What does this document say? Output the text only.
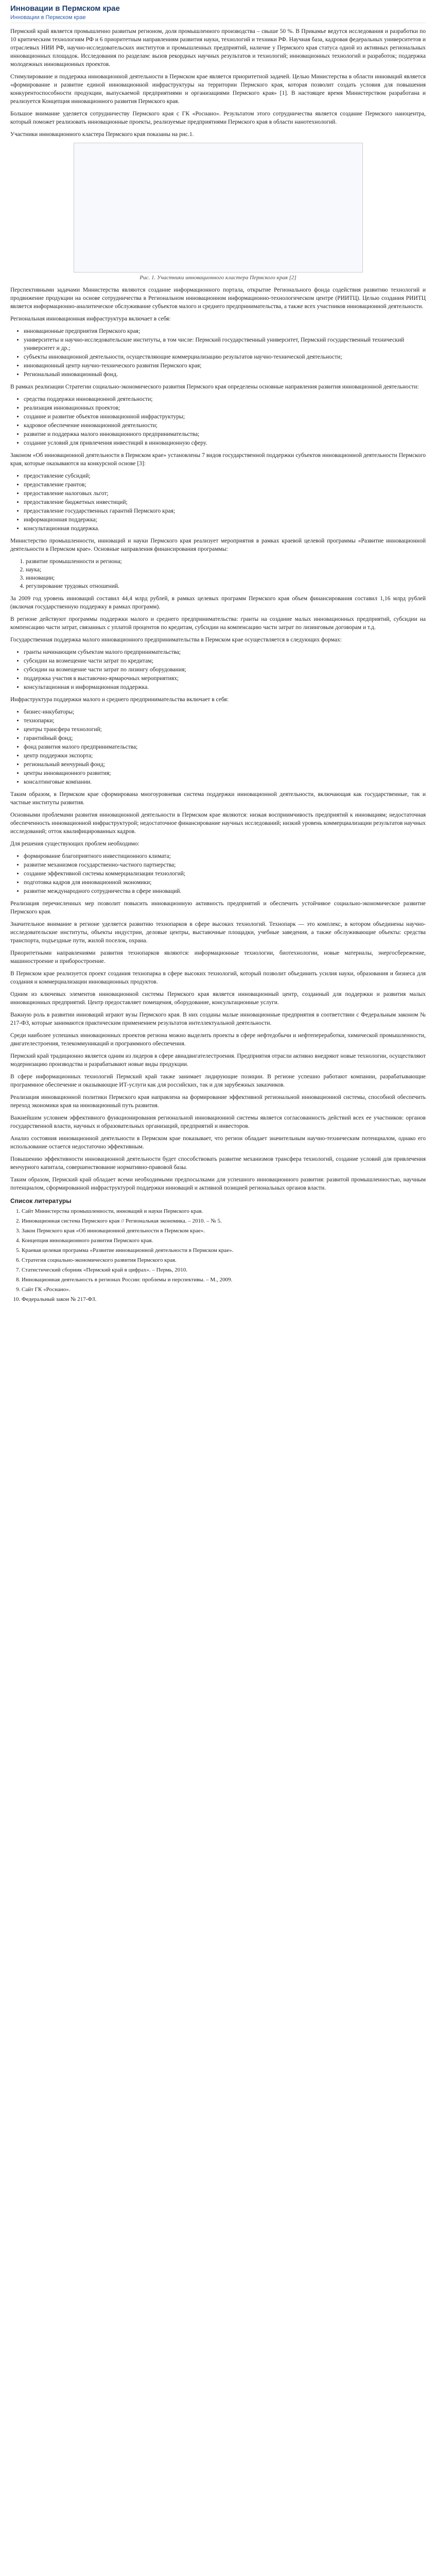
Инновации в Пермском крае
Инновации в Пермском крае

Пермский край является промышленно развитым регионом, доля промышленного производства – свыше 50 %. В Прикамье ведутся исследования и разработки по 10 критическим технологиям РФ и 6 приоритетным направлениям развития науки, технологий и техники РФ. Научная база, кадровая федеральных университетов и отраслевых НИИ РФ, научно-исследовательских институтов и промышленных предприятий, наличие у Пермского края статуса одной из активных региональных инновационных площадок. Исследования по разделам: вызов рекордных научных результатов и технологий; инновационных технологий и разработок; поддержка молодежных инновационных проектов.

Стимулирование и поддержка инновационной деятельности в Пермском крае является приоритетной задачей. Целью Министерства в области инноваций является «формирование и развитие единой инновационной инфраструктуры на территории Пермского края, которая позволит создать условия для повышения конкурентоспособности продукции, выпускаемой предприятиями и организациями Пермского края» [1]. В настоящее время Министерством разработана и реализуется Концепция инновационного развития Пермского края.

Большое внимание уделяется сотрудничеству Пермского края с ГК «Роснано». Результатом этого сотрудничества является создание Пермского наноцентра, который поможет реализовать инновационные проекты, реализуемые предприятиями Пермского края в области нанотехнологий.

Участники инновационного кластера Пермского края показаны на рис.1.

Рис. 1. Участники инновационного кластера Пермского края [2]

Перспективными задачами Министерства являются создание информационного портала, открытие Регионального фонда содействия развитию технологий и продвижение продукции на основе сотрудничества в Региональном инновационном информационно-технологическом центре (РИИТЦ). Целью создания РИИТЦ является информационно-аналитическое обслуживание субъектов малого и среднего предпринимательства, а также всех участников инновационной деятельности.

Региональная инновационная инфраструктура включает в себя:

• инновационные предприятия Пермского края;
• университеты и научно-исследовательские институты, в том числе: Пермский государственный университет, Пермский государственный технический университет и др.;
• субъекты инновационной деятельности, осуществляющие коммерциализацию результатов научно-технической деятельности;
• инновационный центр научно-технического развития Пермского края;
• Региональный инновационный фонд.

В рамках реализации Стратегии социально-экономического развития Пермского края определены основные направления развития инновационной деятельности:

• средства поддержки инновационной деятельности;
• реализация инновационных проектов;
• создание и развитие объектов инновационной инфраструктуры;
• кадровое обеспечение инновационной деятельности;
• развитие и поддержка малого инновационного предпринимательства;
• создание условий для привлечения инвестиций в инновационную сферу.

Законом «Об инновационной деятельности в Пермском крае» установлены 7 видов государственной поддержки субъектов инновационной деятельности Пермского края, которые оказываются на конкурсной основе [3]:

• предоставление субсидий;
• предоставление грантов;
• предоставление налоговых льгот;
• предоставление бюджетных инвестиций;
• предоставление государственных гарантий Пермского края;
• информационная поддержка;
• консультационная поддержка.

Министерство промышленности, инноваций и науки Пермского края реализует мероприятия в рамках краевой целевой программы «Развитие инновационной деятельности в Пермском крае». Основные направления финансирования программы:

1. развитие промышленности и региона;
2. наука;
3. инновации;
4. регулирование трудовых отношений.

За 2009 год уровень инноваций составил 44,4 млрд рублей, в рамках целевых программ Пермского края объем финансирования составил 1,16 млрд рублей (включая государственную поддержку в рамках программ).

В регионе действуют программы поддержки малого и среднего предпринимательства: гранты на создание малых инновационных предприятий, субсидии на компенсацию части затрат, связанных с уплатой процентов по кредитам, субсидии на компенсацию части затрат по лизинговым договорам и т.д.

Государственная поддержка малого инновационного предпринимательства в Пермском крае осуществляется в следующих формах:

• гранты начинающим субъектам малого предпринимательства;
• субсидии на возмещение части затрат по кредитам;
• субсидии на возмещение части затрат по лизингу оборудования;
• поддержка участия в выставочно-ярмарочных мероприятиях;
• консультационная и информационная поддержка.

Инфраструктура поддержки малого и среднего предпринимательства включает в себя:

• бизнес-инкубаторы;
• технопарки;
• центры трансфера технологий;
• гарантийный фонд;
• фонд развития малого предпринимательства;
• центр поддержки экспорта;
• региональный венчурный фонд;
• центры инновационного развития;
• консалтинговые компании.

Таким образом, в Пермском крае сформирована многоуровневая система поддержки инновационной деятельности, включающая как государственные, так и частные институты развития.

Основными проблемами развития инновационной деятельности в Пермском крае являются: низкая восприимчивость предприятий к инновациям; недостаточная обеспеченность инновационной инфраструктурой; недостаточное финансирование научных исследований; низкий уровень коммерциализации результатов научных исследований; отток квалифицированных кадров.

Для решения существующих проблем необходимо:

• формирование благоприятного инвестиционного климата;
• развитие механизмов государственно-частного партнерства;
• создание эффективной системы коммерциализации технологий;
• подготовка кадров для инновационной экономики;
• развитие международного сотрудничества в сфере инноваций.

Реализация перечисленных мер позволит повысить инновационную активность предприятий и обеспечить устойчивое социально-экономическое развитие Пермского края.

Значительное внимание в регионе уделяется развитию технопарков в сфере высоких технологий. Технопарк — это комплекс, в котором объединены научно-исследовательские институты, объекты индустрии, деловые центры, выставочные площадки, учебные заведения, а также обслуживающие объекты: средства транспорта, подъездные пути, жилой поселок, охрана.

Приоритетными направлениями развития технопарков являются: информационные технологии, биотехнологии, новые материалы, энергосбережение, машиностроение и приборостроение.

В Пермском крае реализуется проект создания технопарка в сфере высоких технологий, который позволит объединить усилия науки, образования и бизнеса для создания и коммерциализации инновационных продуктов.

Одним из ключевых элементов инновационной системы Пермского края является инновационный центр, созданный для поддержки и развития малых инновационных предприятий. Центр предоставляет помещения, оборудование, консультационные услуги.

Важную роль в развитии инноваций играют вузы Пермского края. В них созданы малые инновационные предприятия в соответствии с Федеральным законом № 217-ФЗ, которые занимаются практическим применением результатов интеллектуальной деятельности.

Среди наиболее успешных инновационных проектов региона можно выделить проекты в сфере нефтедобычи и нефтепереработки, химической промышленности, двигателестроения, телекоммуникаций и программного обеспечения.

Пермский край традиционно является одним из лидеров в сфере авиадвигателестроения. Предприятия отрасли активно внедряют новые технологии, осуществляют модернизацию производства и разрабатывают новые виды продукции.

В сфере информационных технологий Пермский край также занимает лидирующие позиции. В регионе успешно работают компании, разрабатывающие программное обеспечение и оказывающие ИТ-услуги как для российских, так и для зарубежных заказчиков.

Реализация инновационной политики Пермского края направлена на формирование эффективной региональной инновационной системы, способной обеспечить переход экономики края на инновационный путь развития.

Важнейшим условием эффективного функционирования региональной инновационной системы является согласованность действий всех ее участников: органов государственной власти, научных и образовательных организаций, предприятий и инвесторов.

Анализ состояния инновационной деятельности в Пермском крае показывает, что регион обладает значительным научно-техническим потенциалом, однако его использование остается недостаточно эффективным.

Повышению эффективности инновационной деятельности будет способствовать развитие механизмов трансфера технологий, создание условий для привлечения венчурного капитала, совершенствование нормативно-правовой базы.

Таким образом, Пермский край обладает всеми необходимыми предпосылками для успешного инновационного развития: развитой промышленностью, научным потенциалом, сформированной инфраструктурой поддержки инноваций и активной позицией региональных органов власти.

Список литературы
1. Сайт Министерства промышленности, инноваций и науки Пермского края.
2. Инновационная система Пермского края // Региональная экономика. – 2010. – № 5.
3. Закон Пермского края «Об инновационной деятельности в Пермском крае».
4. Концепция инновационного развития Пермского края.
5. Краевая целевая программа «Развитие инновационной деятельности в Пермском крае».
6. Стратегия социально-экономического развития Пермского края.
7. Статистический сборник «Пермский край в цифрах». – Пермь, 2010.
8. Инновационная деятельность в регионах России: проблемы и перспективы. – М., 2009.
9. Сайт ГК «Роснано».
10. Федеральный закон № 217-ФЗ.
